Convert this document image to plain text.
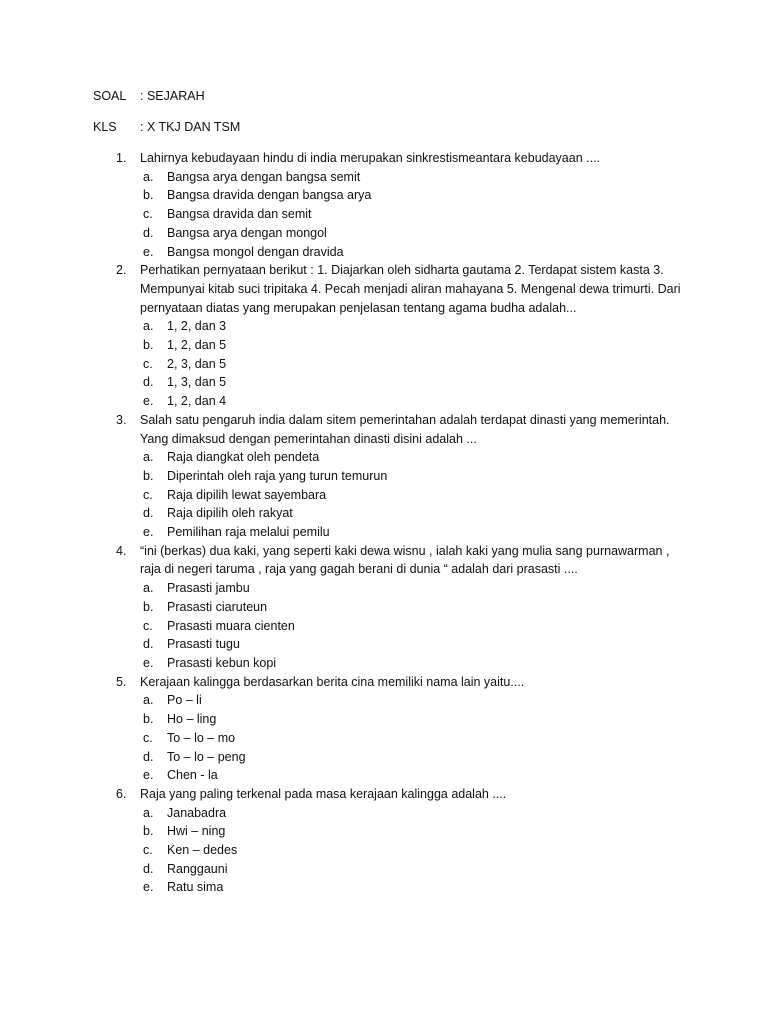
SOAL	: SEJARAH
KLS	: X TKJ DAN TSM
1.	Lahirnya kebudayaan hindu di india merupakan sinkrestismeantara kebudayaan ....
a.	Bangsa arya dengan bangsa semit
b.	Bangsa dravida dengan bangsa arya
c.	Bangsa dravida dan semit
d.	Bangsa arya dengan mongol
e.	Bangsa mongol dengan dravida
2.	Perhatikan pernyataan berikut : 1. Diajarkan oleh sidharta gautama 2. Terdapat sistem kasta 3. Mempunyai kitab suci tripitaka 4. Pecah menjadi aliran mahayana 5. Mengenal dewa trimurti. Dari pernyataan diatas yang merupakan penjelasan tentang agama budha adalah...
a.	1, 2, dan 3
b.	1, 2, dan 5
c.	2, 3, dan 5
d.	1, 3, dan 5
e.	1, 2, dan 4
3.	Salah satu pengaruh india dalam sitem pemerintahan adalah terdapat dinasti yang memerintah. Yang dimaksud dengan pemerintahan dinasti disini adalah ...
a.	Raja diangkat oleh pendeta
b.	Diperintah oleh raja yang turun temurun
c.	Raja dipilih lewat sayembara
d.	Raja dipilih oleh rakyat
e.	Pemilihan raja melalui pemilu
4.	“ini (berkas) dua kaki, yang seperti kaki dewa wisnu , ialah kaki yang mulia sang purnawarman , raja di negeri taruma , raja yang gagah berani di dunia “ adalah dari prasasti ....
a.	Prasasti jambu
b.	Prasasti ciaruteun
c.	Prasasti muara cienten
d.	Prasasti tugu
e.	Prasasti kebun kopi
5.	Kerajaan kalingga berdasarkan berita cina memiliki nama lain yaitu....
a.	Po – li
b.	Ho – ling
c.	To – lo – mo
d.	To – lo – peng
e.	Chen - la
6.	Raja yang paling terkenal pada masa kerajaan kalingga adalah ....
a.	Janabadra
b.	Hwi – ning
c.	Ken – dedes
d.	Ranggauni
e.	Ratu sima
